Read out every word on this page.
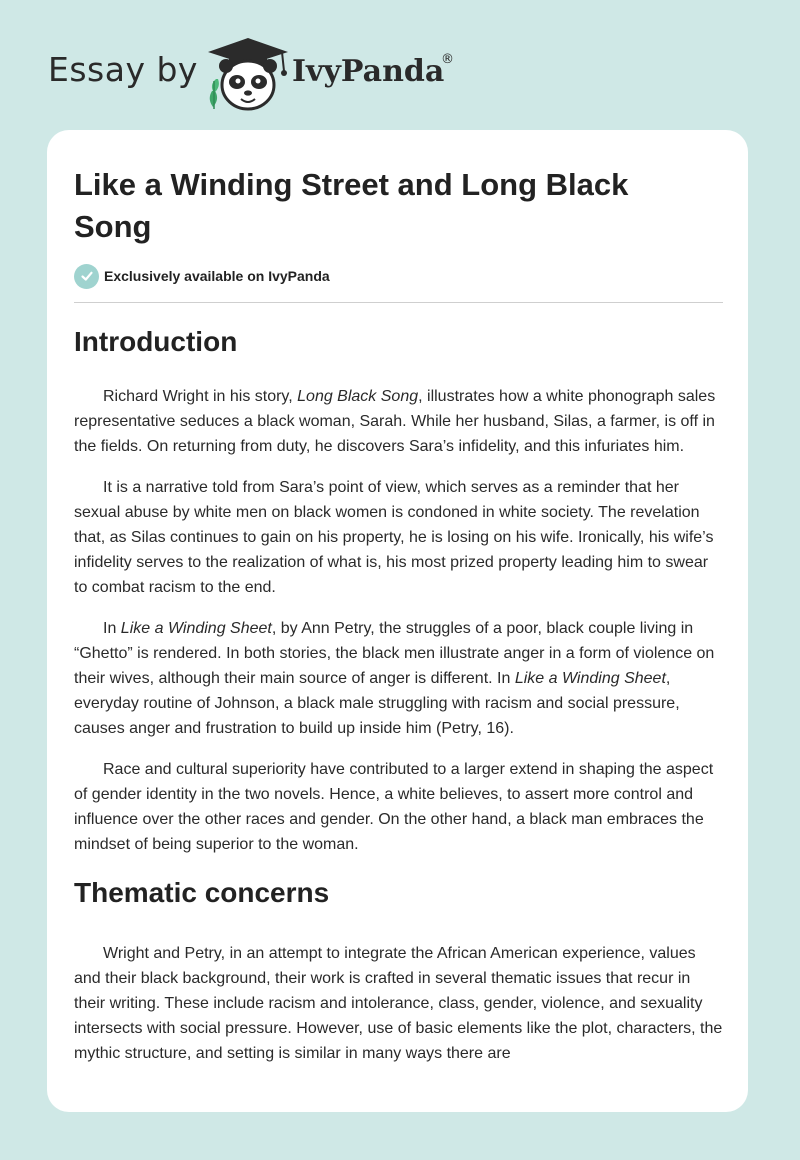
Essay by	IvyPanda
®
Like a Winding Street and Long Black Song
Exclusively available on IvyPanda
Introduction

Richard Wright in his story, Long Black Song, illustrates how a white phonograph sales representative seduces a black woman, Sarah. While her husband, Silas, a farmer, is off in the fields. On returning from duty, he discovers Sara’s infidelity, and this infuriates him.

It is a narrative told from Sara’s point of view, which serves as a reminder that her sexual abuse by white men on black women is condoned in white society. The revelation that, as Silas continues to gain on his property, he is losing on his wife. Ironically, his wife’s infidelity serves to the realization of what is, his most prized property leading him to swear to combat racism to the end.

In Like a Winding Sheet, by Ann Petry, the struggles of a poor, black couple living in “Ghetto” is rendered. In both stories, the black men illustrate anger in a form of violence on their wives, although their main source of anger is different. In Like a Winding Sheet, everyday routine of Johnson, a black male struggling with racism and social pressure, causes anger and frustration to build up inside him (Petry, 16).

Race and cultural superiority have contributed to a larger extend in shaping the aspect of gender identity in the two novels. Hence, a white believes, to assert more control and influence over the other races and gender. On the other hand, a black man embraces the mindset of being superior to the woman.

Thematic concerns

Wright and Petry, in an attempt to integrate the African American experience, values and their black background, their work is crafted in several thematic issues that recur in their writing. These include racism and intolerance, class, gender, violence, and sexuality intersects with social pressure. However, use of basic elements like the plot, characters, the mythic structure, and setting is similar in many ways there are
